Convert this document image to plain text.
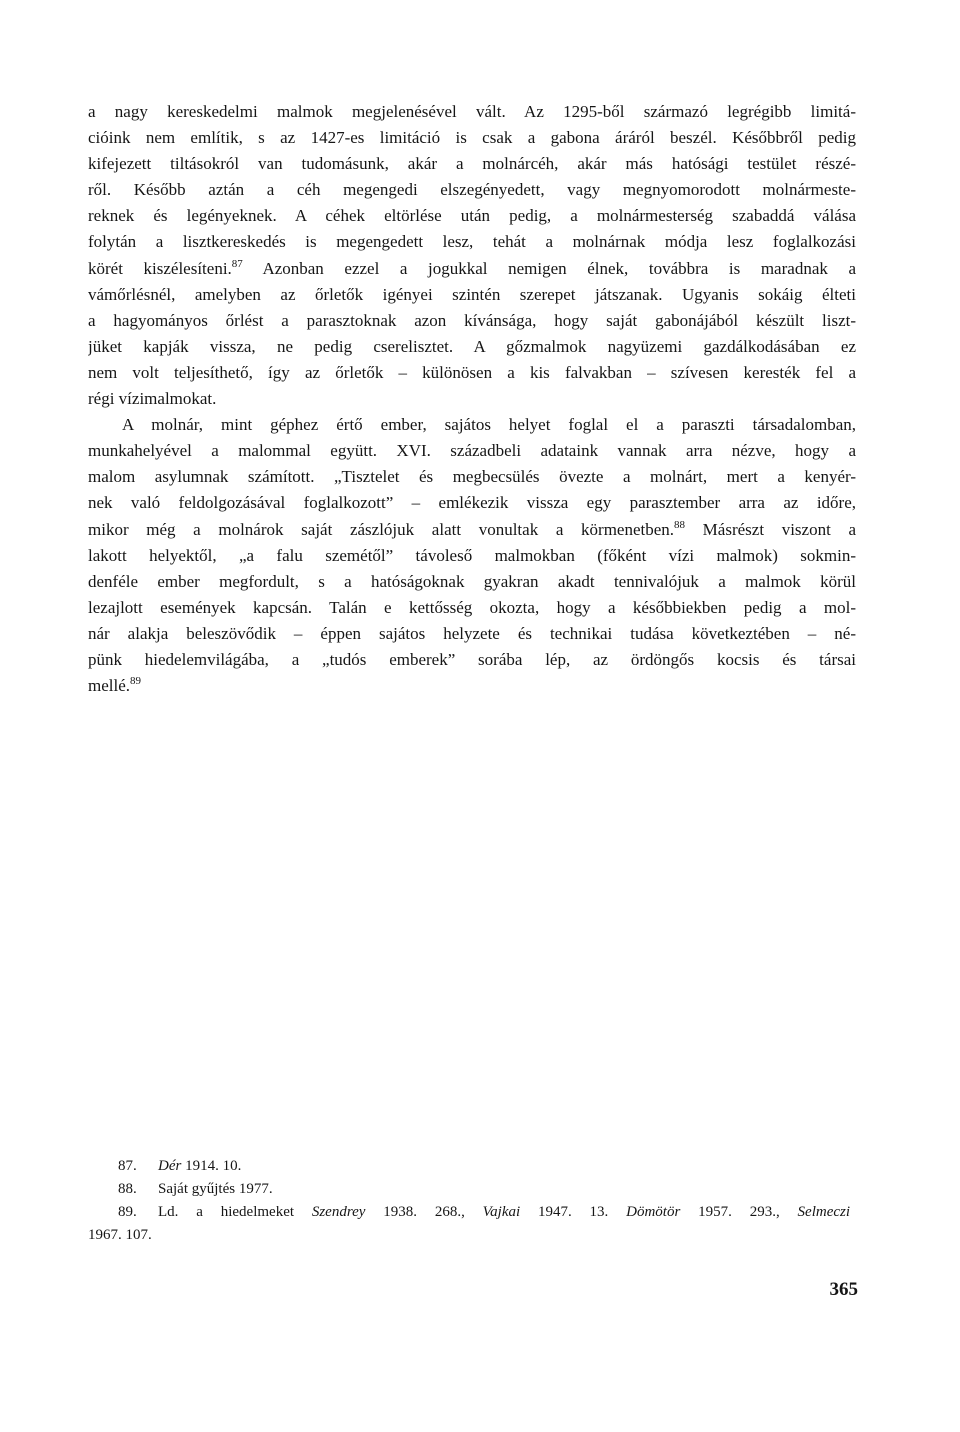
a nagy kereskedelmi malmok megjelenésével vált. Az 1295-ből származó legrégibb limitá-
cióink nem említik, s az 1427-es limitáció is csak a gabona áráról beszél. Későbbről pedig
kifejezett tiltásokról van tudomásunk, akár a molnárcéh, akár más hatósági testület részé-
ről. Később aztán a céh megengedi elszegényedett, vagy megnyomorodott molnármeste-
reknek és legényeknek. A céhek eltörlése után pedig, a molnármesterség szabaddá válása
folytán a lisztkereskedés is megengedett lesz, tehát a molnárnak módja lesz foglalkozási
körét kiszélesíteni.$^{87}$ Azonban ezzel a jogukkal nemigen élnek, továbbra is maradnak a
vámőrlésnél, amelyben az őrletők igényei szintén szerepet játszanak. Ugyanis sokáig élteti
a hagyományos őrlést a parasztoknak azon kívánsága, hogy saját gabonájából készült liszt-
jüket kapják vissza, ne pedig cserelisztet. A gőzmalmok nagyüzemi gazdálkodásában ez
nem volt teljesíthető, így az őrletők – különösen a kis falvakban – szívesen keresték fel a
régi vízimalmokat.
A molnár, mint géphez értő ember, sajátos helyet foglal el a paraszti társadalomban,
munkahelyével a malommal együtt. XVI. századbeli adataink vannak arra nézve, hogy a
malom asylumnak számított. „Tisztelet és megbecsülés övezte a molnárt, mert a kenyér-
nek való feldolgozásával foglalkozott” – emlékezik vissza egy parasztember arra az időre,
mikor még a molnárok saját zászlójuk alatt vonultak a körmenetben.$^{88}$ Másrészt viszont a
lakott helyektől, „a falu szemétől” távoleső malmokban (főként vízi malmok) sokmin-
denféle ember megfordult, s a hatóságoknak gyakran akadt tennivalójuk a malmok körül
lezajlott események kapcsán. Talán e kettősség okozta, hogy a későbbiekben pedig a mol-
nár alakja beleszövődik – éppen sajátos helyzete és technikai tudása következtében – né-
pünk hiedelemvilágába, a „tudós emberek” sorába lép, az ördöngős kocsis és társai
mellé.$^{89}$
87. Dér 1914. 10.
88. Saját gyűjtés 1977.
89. Ld. a hiedelmeket Szendrey 1938. 268., Vajkai 1947. 13. Dömötör 1957. 293., Selmeczi
1967. 107.
365
